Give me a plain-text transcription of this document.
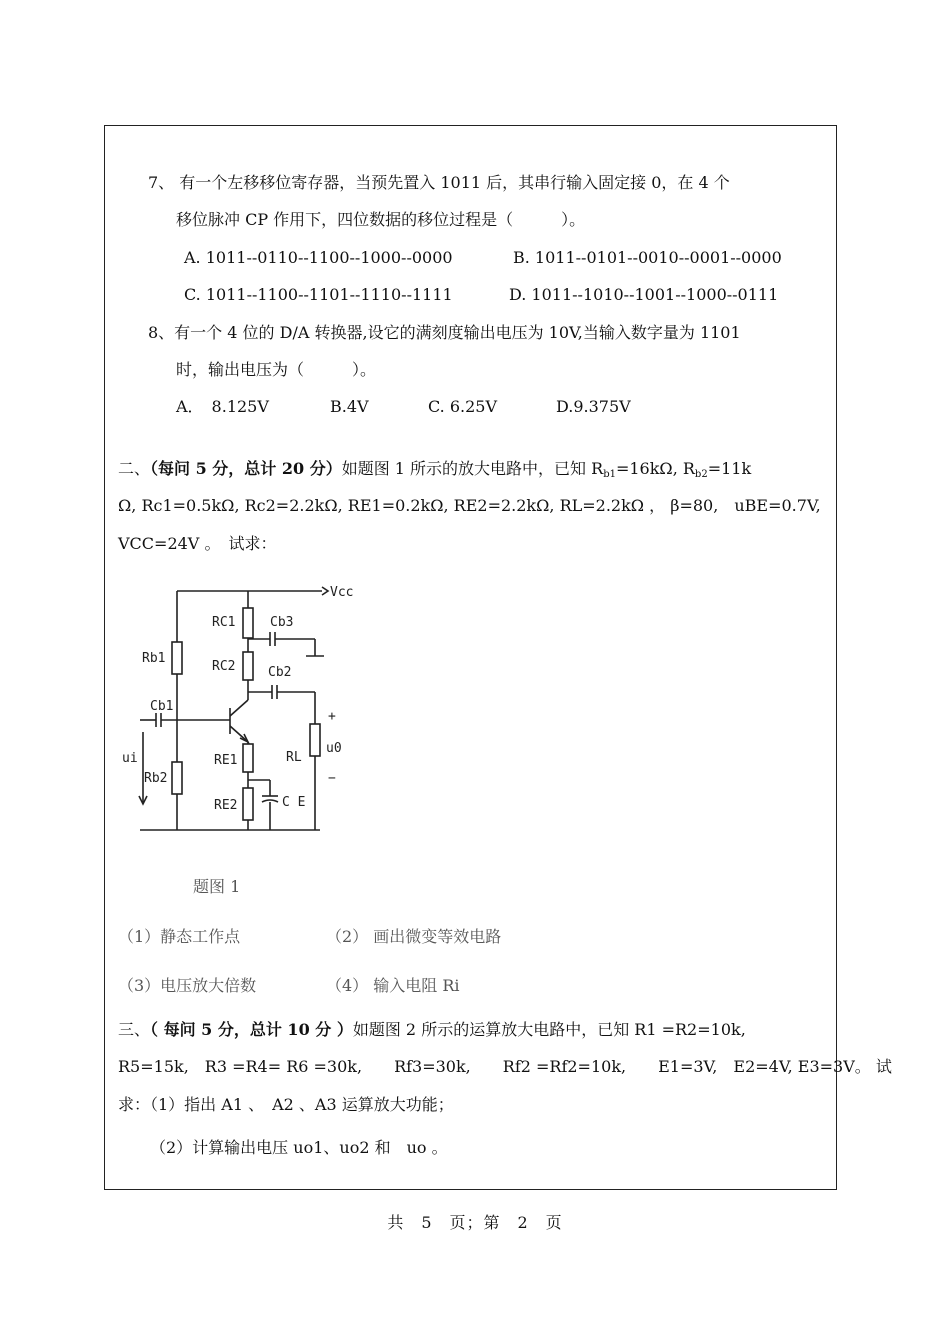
7、 有一个左移移位寄存器，当预先置入 1011 后，其串行输入固定接 0，在 4 个
移位脉冲 CP 作用下，四位数据的移位过程是（　　　）。
A. 1011--0110--1100--1000--0000	B. 1011--0101--0010--0001--0000
C. 1011--1100--1101--1110--1111	D. 1011--1010--1001--1000--0111
8、有一个 4 位的 D/A 转换器,设它的满刻度输出电压为 10V,当输入数字量为 1101
时，输出电压为（　　　）。
A．　8.125V	B.4V	C. 6.25V	D.9.375V
二、（每问 5 分，总计 20 分）如题图 1 所示的放大电路中，已知 $R_{b1}=16k\Omega$, $R_{b2}=11k$
Ω, Rc1=0.5kΩ, Rc2=2.2kΩ, RE1=0.2kΩ, RE2=2.2kΩ, RL=2.2kΩ ， β=80,　uBE=0.7V,
VCC=24V 。　试求：
Vcc
Rb1
Rb2
RC1
RC2
RE1
RE2
RL
Cb1
Cb2
Cb3
C E
ui
u0
+
−
题图 1
（1）静态工作点	（2） 画出微变等效电路
（3）电压放大倍数	（4） 输入电阻 Ri
三、（ 每问 5 分，总计 10 分 ）如题图 2 所示的运算放大电路中，已知 R1 =R2=10k,
R5=15k,　R3 =R4= R6 =30k,　　Rf3=30k,　　Rf2 =Rf2=10k,　　E1=3V,　E2=4V, E3=3V。 试
求：（1）指出 A1 、　A2 、A3 运算放大功能；
（2）计算输出电压 uo1、uo2 和　uo 。
共　5　页；第　2　页
